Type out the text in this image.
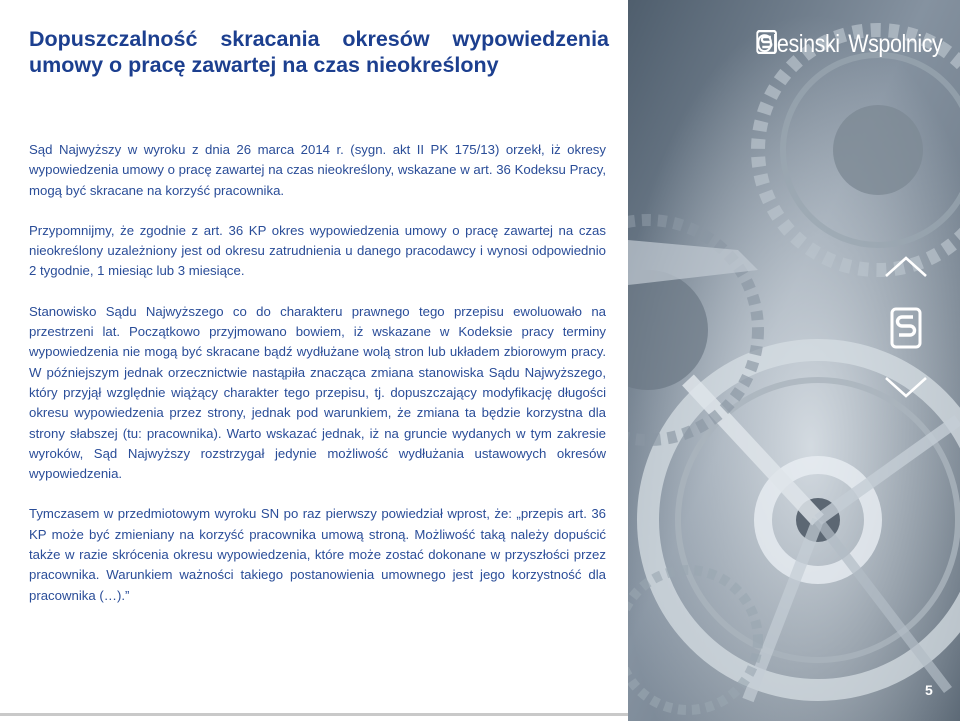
Dopuszczalność skracania okresów wypowiedzenia
umowy o pracę zawartej na czas nieokreślony

Sąd Najwyższy w wyroku z dnia 26 marca 2014 r. (sygn. akt II PK 175/13) orzekł, iż okresy wypowiedzenia umowy o pracę zawartej na czas nieokreślony, wskazane w art. 36 Kodeksu Pracy, mogą być skracane na korzyść pracownika.

Przypomnijmy, że zgodnie z art. 36 KP okres wypowiedzenia umowy o pracę zawartej na czas nieokreślony uzależniony jest od okresu zatrudnienia u danego pracodawcy i wynosi odpowiednio 2 tygodnie, 1 miesiąc lub 3 miesiące.

Stanowisko Sądu Najwyższego co do charakteru prawnego tego przepisu ewoluowało na przestrzeni lat. Początkowo przyjmowano bowiem, iż wskazane w Kodeksie pracy terminy wypowiedzenia nie mogą być skracane bądź wydłużane wolą stron lub układem zbiorowym pracy. W późniejszym jednak orzecznictwie nastąpiła znacząca zmiana stanowiska Sądu Najwyższego, który przyjął względnie wiążący charakter tego przepisu, tj. dopuszczający modyfikację długości okresu wypowiedzenia przez strony, jednak pod warunkiem, że zmiana ta będzie korzystna dla strony słabszej (tu: pracownika). Warto wskazać jednak, iż na gruncie wydanych w tym zakresie wyroków, Sąd Najwyższy rozstrzygał jedynie możliwość wydłużania ustawowych okresów wypowiedzenia.

Tymczasem w przedmiotowym wyroku SN po raz pierwszy powiedział wprost, że: „przepis art. 36 KP może być zmieniany na korzyść pracownika umową stroną. Możliwość taką należy dopuścić także w razie skrócenia okresu wypowiedzenia, które może zostać dokonane w przyszłości przez pracownika. Warunkiem ważności takiego postanowienia umownego jest jego korzystność dla pracownika (…).”

Olesinski Wspolnicy
5
